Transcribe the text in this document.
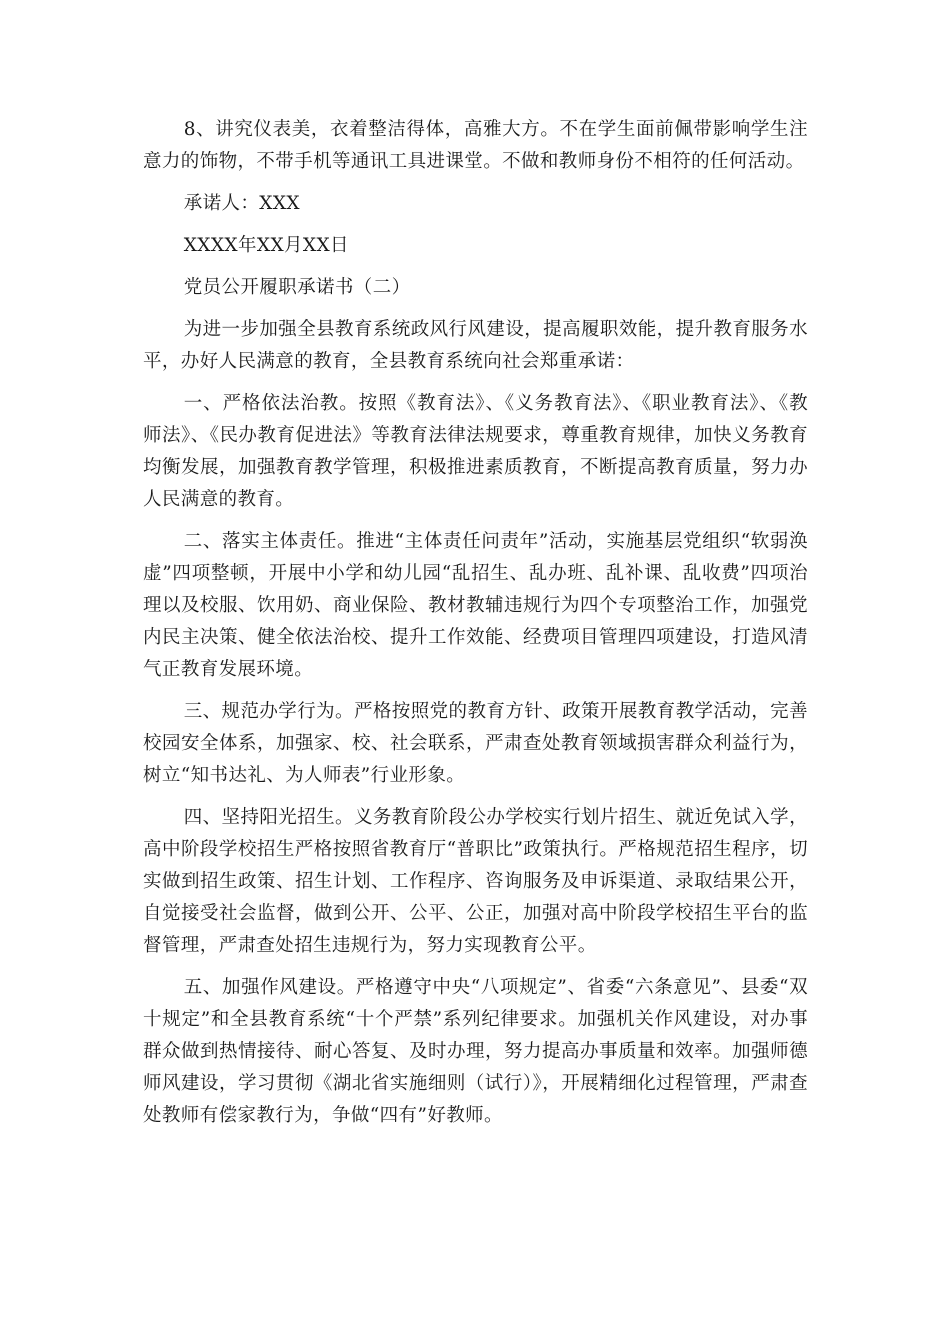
8、讲究仪表美，衣着整洁得体，高雅大方。不在学生面前佩带影响学生注意力的饰物，不带手机等通讯工具进课堂。不做和教师身份不相符的任何活动。

承诺人：XXX

XXXX年XX月XX日

党员公开履职承诺书（二）

为进一步加强全县教育系统政风行风建设，提高履职效能，提升教育服务水平，办好人民满意的教育，全县教育系统向社会郑重承诺：

一、严格依法治教。按照《教育法》、《义务教育法》、《职业教育法》、《教师法》、《民办教育促进法》等教育法律法规要求，尊重教育规律，加快义务教育均衡发展，加强教育教学管理，积极推进素质教育，不断提高教育质量，努力办人民满意的教育。

二、落实主体责任。推进“主体责任问责年”活动，实施基层党组织“软弱涣虚”四项整顿，开展中小学和幼儿园“乱招生、乱办班、乱补课、乱收费”四项治理以及校服、饮用奶、商业保险、教材教辅违规行为四个专项整治工作，加强党内民主决策、健全依法治校、提升工作效能、经费项目管理四项建设，打造风清气正教育发展环境。

三、规范办学行为。严格按照党的教育方针、政策开展教育教学活动，完善校园安全体系，加强家、校、社会联系，严肃查处教育领域损害群众利益行为，树立“知书达礼、为人师表”行业形象。

四、坚持阳光招生。义务教育阶段公办学校实行划片招生、就近免试入学，高中阶段学校招生严格按照省教育厅“普职比”政策执行。严格规范招生程序，切实做到招生政策、招生计划、工作程序、咨询服务及申诉渠道、录取结果公开，自觉接受社会监督，做到公开、公平、公正，加强对高中阶段学校招生平台的监督管理，严肃查处招生违规行为，努力实现教育公平。

五、加强作风建设。严格遵守中央“八项规定”、省委“六条意见”、县委“双十规定”和全县教育系统“十个严禁”系列纪律要求。加强机关作风建设，对办事群众做到热情接待、耐心答复、及时办理，努力提高办事质量和效率。加强师德师风建设，学习贯彻《湖北省实施细则（试行）》，开展精细化过程管理，严肃查处教师有偿家教行为，争做“四有”好教师。
